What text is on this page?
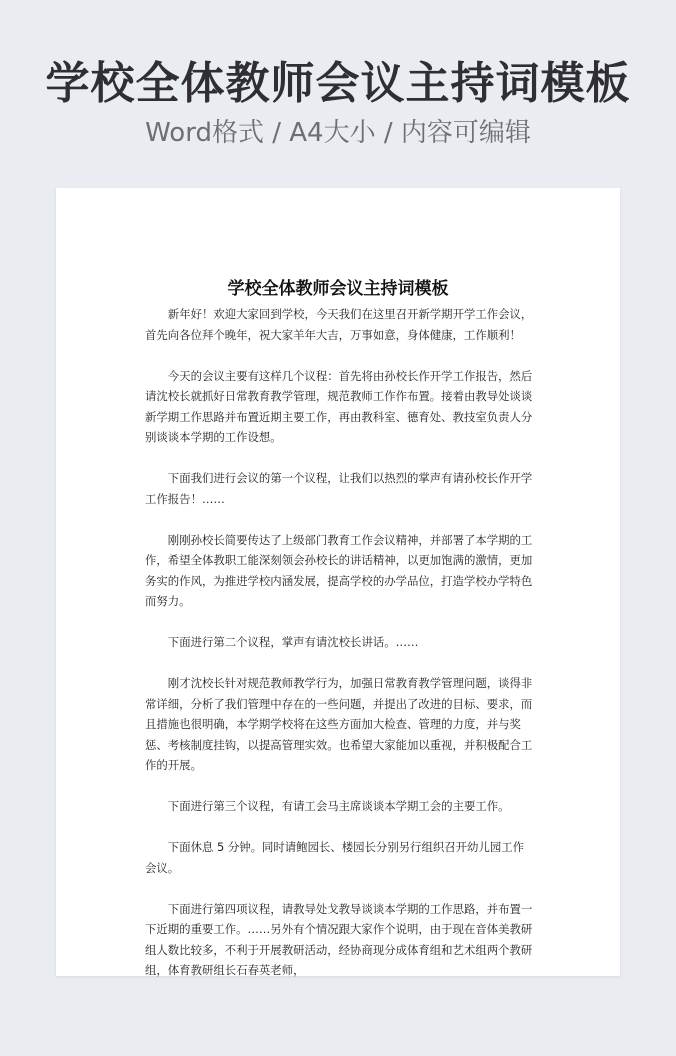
学校全体教师会议主持词模板
Word格式 / A4大小 / 内容可编辑
学校全体教师会议主持词模板

新年好！欢迎大家回到学校，今天我们在这里召开新学期开学工作会议，首先向各位拜个晚年，祝大家羊年大吉，万事如意，身体健康，工作顺利！

今天的会议主要有这样几个议程：首先将由孙校长作开学工作报告，然后请沈校长就抓好日常教育教学管理，规范教师工作作布置。接着由教导处谈谈新学期工作思路并布置近期主要工作，再由教科室、德育处、教技室负责人分别谈谈本学期的工作设想。

下面我们进行会议的第一个议程，让我们以热烈的掌声有请孙校长作开学工作报告！……

刚刚孙校长简要传达了上级部门教育工作会议精神，并部署了本学期的工作，希望全体教职工能深刻领会孙校长的讲话精神，以更加饱满的激情，更加务实的作风，为推进学校内涵发展，提高学校的办学品位，打造学校办学特色而努力。

下面进行第二个议程，掌声有请沈校长讲话。……

刚才沈校长针对规范教师教学行为，加强日常教育教学管理问题，谈得非常详细，分析了我们管理中存在的一些问题，并提出了改进的目标、要求，而且措施也很明确，本学期学校将在这些方面加大检查、管理的力度，并与奖惩、考核制度挂钩，以提高管理实效。也希望大家能加以重视，并积极配合工作的开展。

下面进行第三个议程，有请工会马主席谈谈本学期工会的主要工作。

下面休息 5 分钟。同时请鲍园长、楼园长分别另行组织召开幼儿园工作会议。

下面进行第四项议程，请教导处戈教导谈谈本学期的工作思路，并布置一下近期的重要工作。……另外有个情况跟大家作个说明，由于现在音体美教研组人数比较多，不利于开展教研活动，经协商现分成体育组和艺术组两个教研组，体育教研组长石春英老师，
